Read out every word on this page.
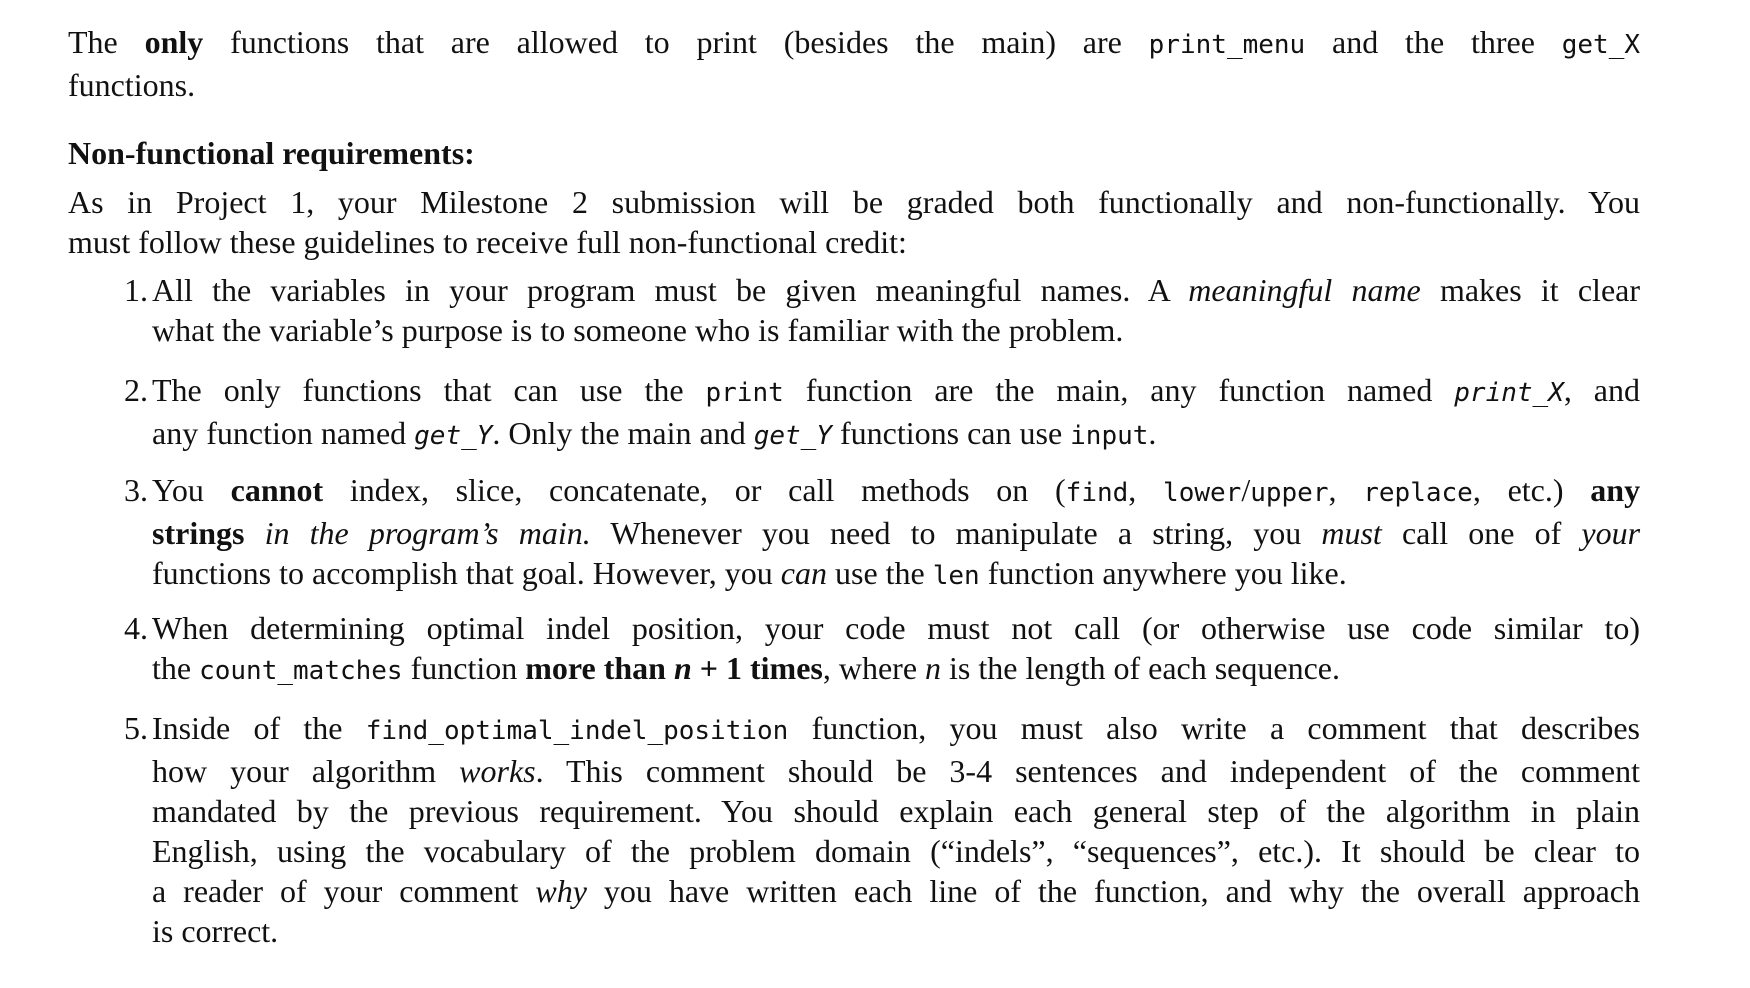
The only functions that are allowed to print (besides the main) are print_menu and the three get_X
functions.
Non-functional requirements:
As in Project 1, your Milestone 2 submission will be graded both functionally and non-functionally. You
must follow these guidelines to receive full non-functional credit:
1. All the variables in your program must be given meaningful names. A meaningful name makes it clear
what the variable’s purpose is to someone who is familiar with the problem.
2. The only functions that can use the print function are the main, any function named print_X, and
any function named get_Y. Only the main and get_Y functions can use input.
3. You cannot index, slice, concatenate, or call methods on (find, lower/upper, replace, etc.) any
strings in the program’s main. Whenever you need to manipulate a string, you must call one of your
functions to accomplish that goal. However, you can use the len function anywhere you like.
4. When determining optimal indel position, your code must not call (or otherwise use code similar to)
the count_matches function more than n + 1 times, where n is the length of each sequence.
5. Inside of the find_optimal_indel_position function, you must also write a comment that describes
how your algorithm works. This comment should be 3-4 sentences and independent of the comment
mandated by the previous requirement. You should explain each general step of the algorithm in plain
English, using the vocabulary of the problem domain (“indels”, “sequences”, etc.). It should be clear to
a reader of your comment why you have written each line of the function, and why the overall approach
is correct.
